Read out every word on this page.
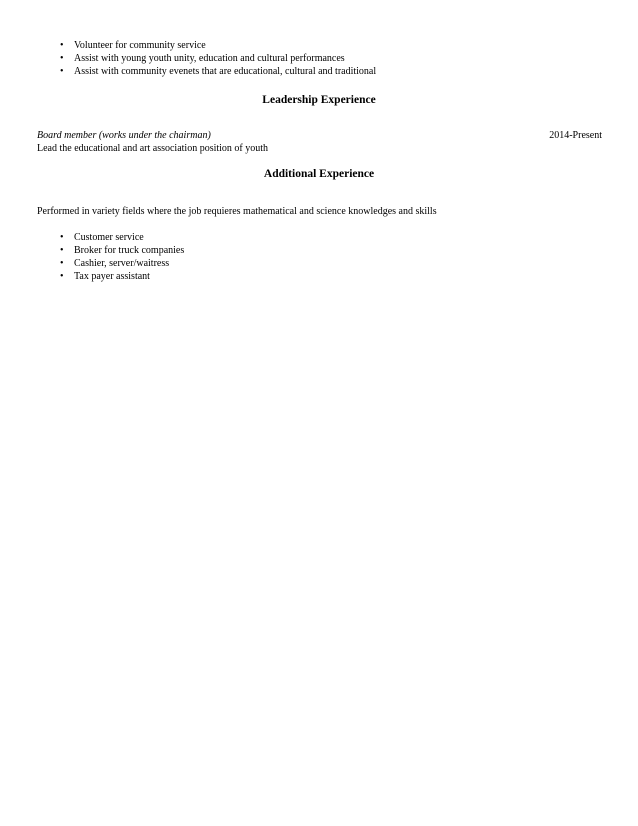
• Volunteer for community service
• Assist with young youth unity, education and cultural performances
• Assist with community evenets that are educational, cultural and traditional
Leadership Experience
Board member (works under the chairman)	2014-Present
Lead the educational and art association position of youth
Additional Experience
Performed in variety fields where the job requieres mathematical and science knowledges and skills
• Customer service
• Broker for truck companies
• Cashier, server/waitress
• Tax payer assistant
